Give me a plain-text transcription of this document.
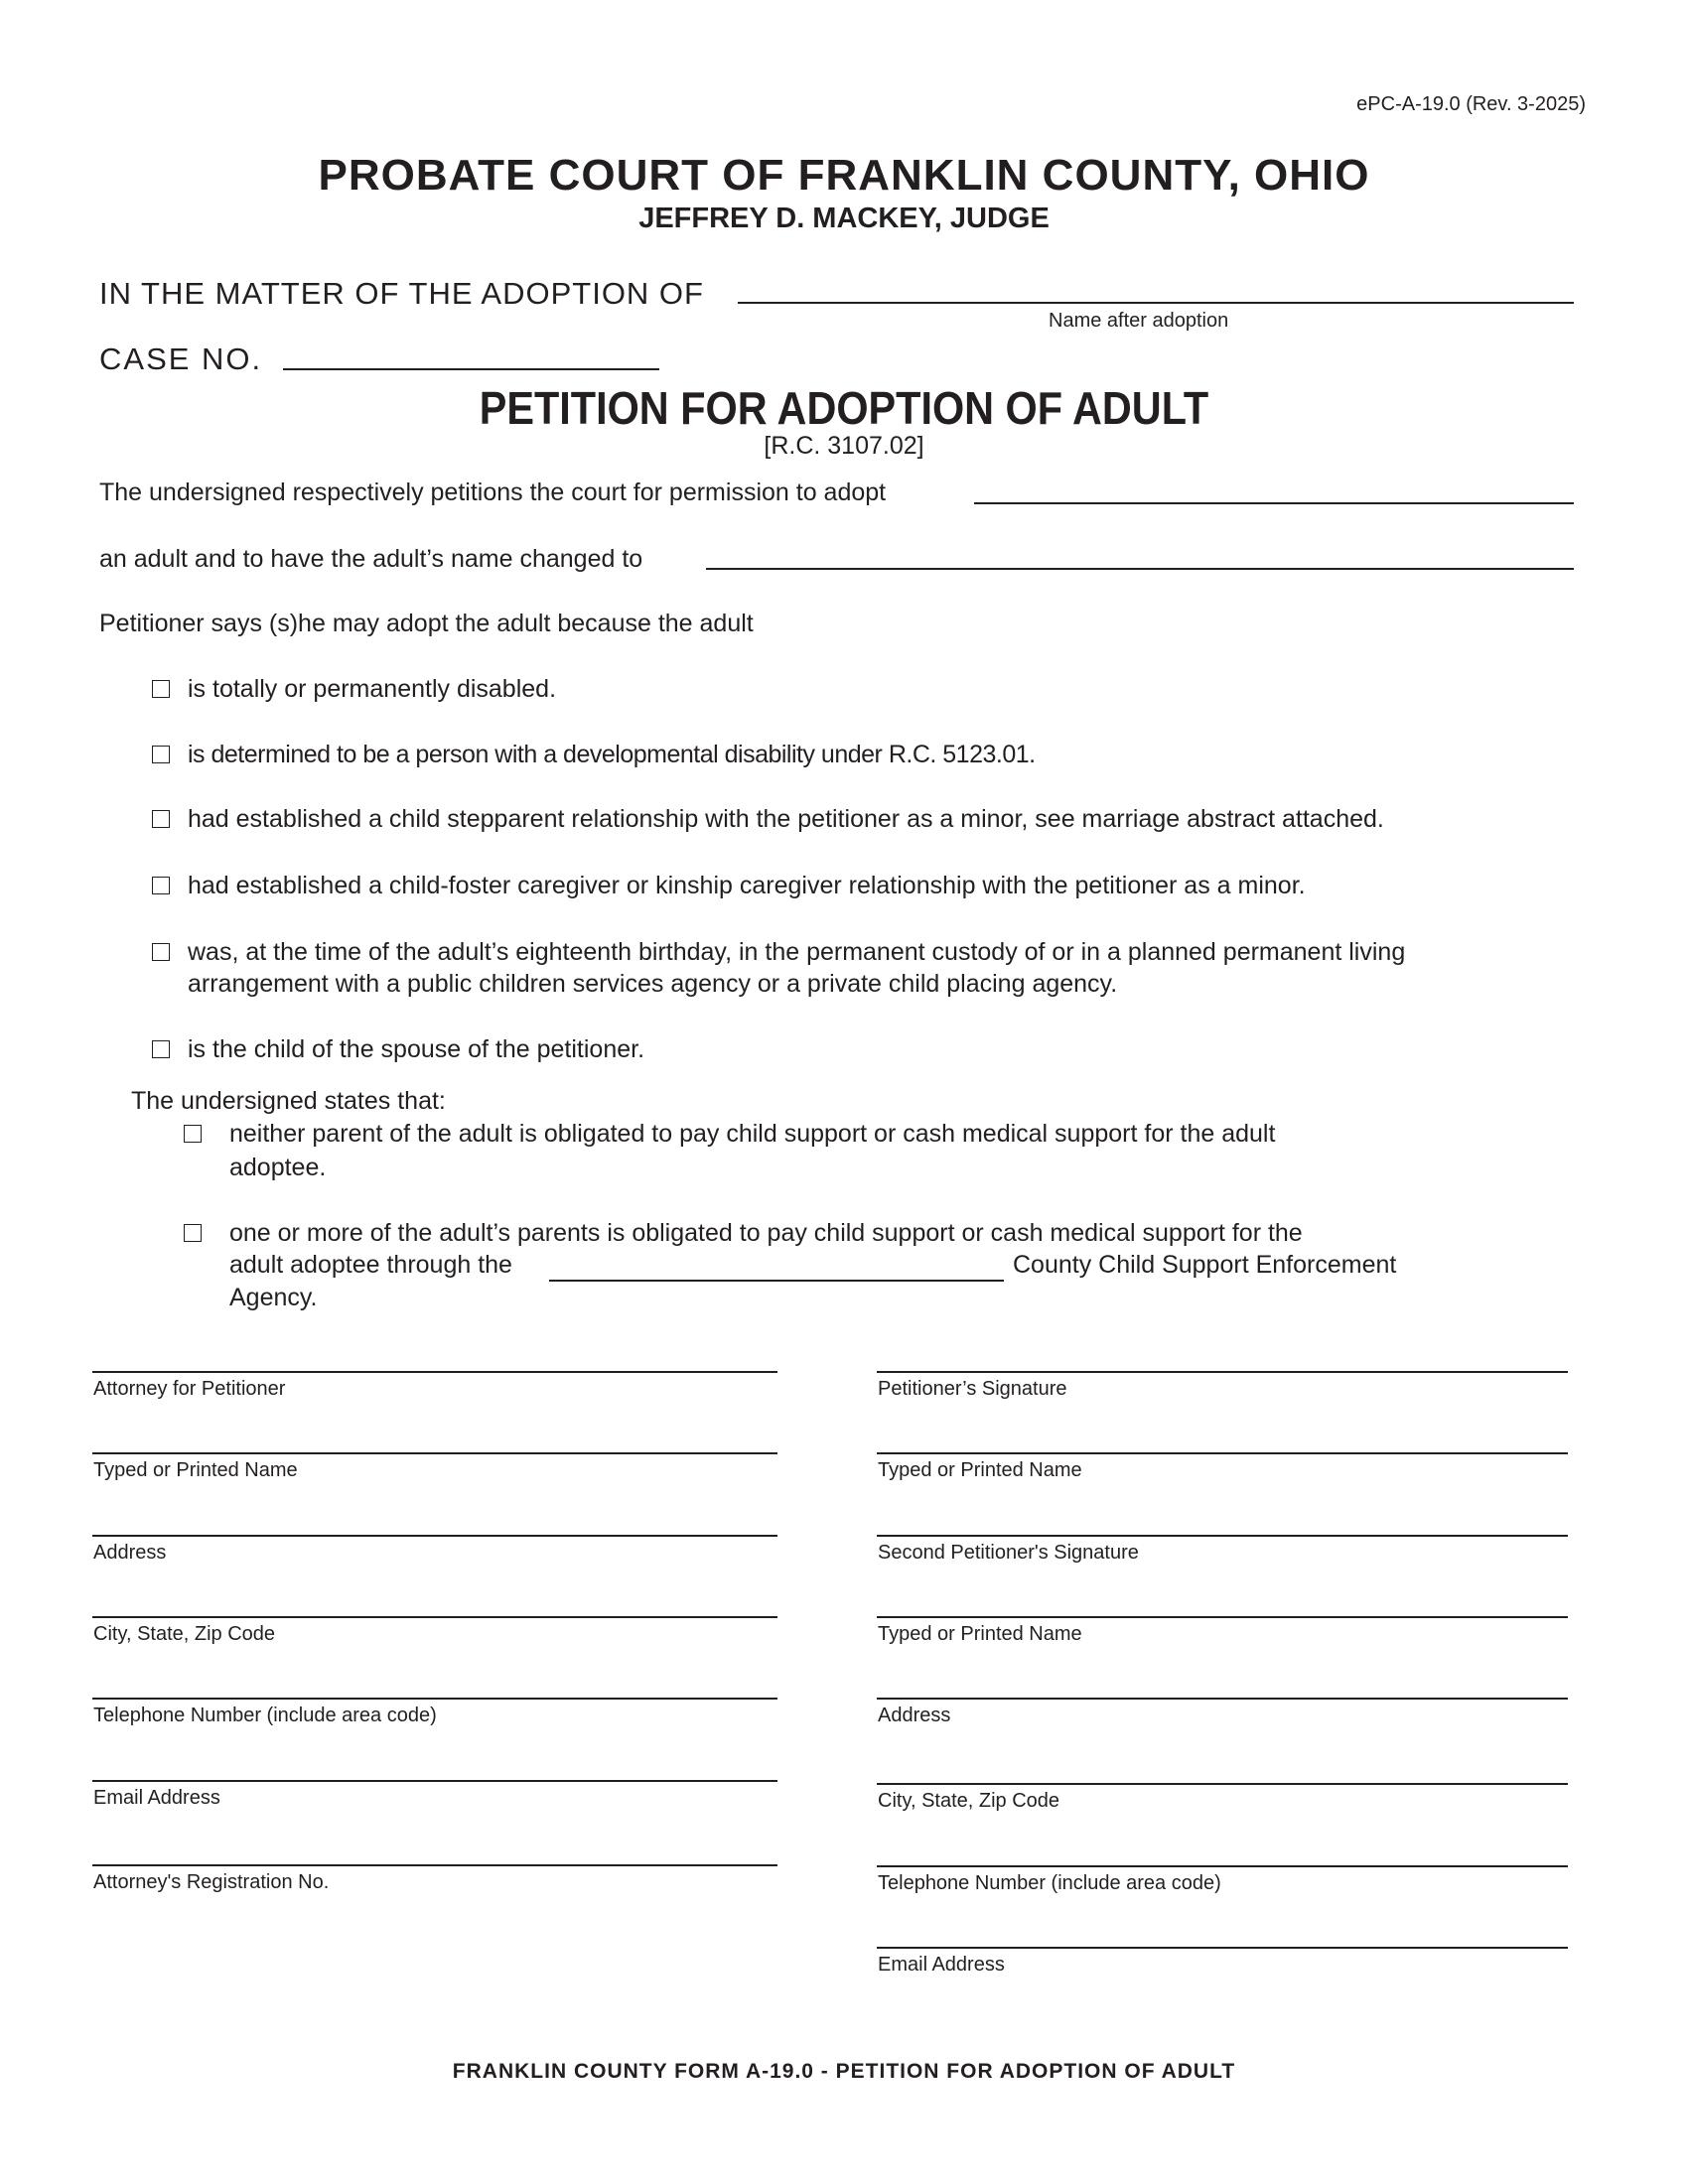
ePC-A-19.0 (Rev. 3-2025)
PROBATE COURT OF FRANKLIN COUNTY, OHIO
JEFFREY D. MACKEY, JUDGE
IN THE MATTER OF THE ADOPTION OF
Name after adoption
CASE NO.
PETITION FOR ADOPTION OF ADULT
[R.C. 3107.02]
The undersigned respectively petitions the court for permission to adopt
an adult and to have the adult’s name changed to
Petitioner says (s)he may adopt the adult because the adult
is totally or permanently disabled.
is determined to be a person with a developmental disability under R.C. 5123.01.
had established a child stepparent relationship with the petitioner as a minor, see marriage abstract attached.
had established a child-foster caregiver or kinship caregiver relationship with the petitioner as a minor.
was, at the time of the adult’s eighteenth birthday, in the permanent custody of or in a planned permanent living
arrangement with a public children services agency or a private child placing agency.
is the child of the spouse of the petitioner.
The undersigned states that:
neither parent of the adult is obligated to pay child support or cash medical support for the adult
adoptee.
one or more of the adult’s parents is obligated to pay child support or cash medical support for the
adult adoptee through the	County Child Support Enforcement
Agency.
Attorney for Petitioner
Typed or Printed Name
Address
City, State, Zip Code
Telephone Number (include area code)
Email Address
Attorney's Registration No.
Petitioner’s Signature
Typed or Printed Name
Second Petitioner's Signature
Typed or Printed Name
Address
City, State, Zip Code
Telephone Number (include area code)
Email Address
FRANKLIN COUNTY FORM A-19.0 - PETITION FOR ADOPTION OF ADULT
